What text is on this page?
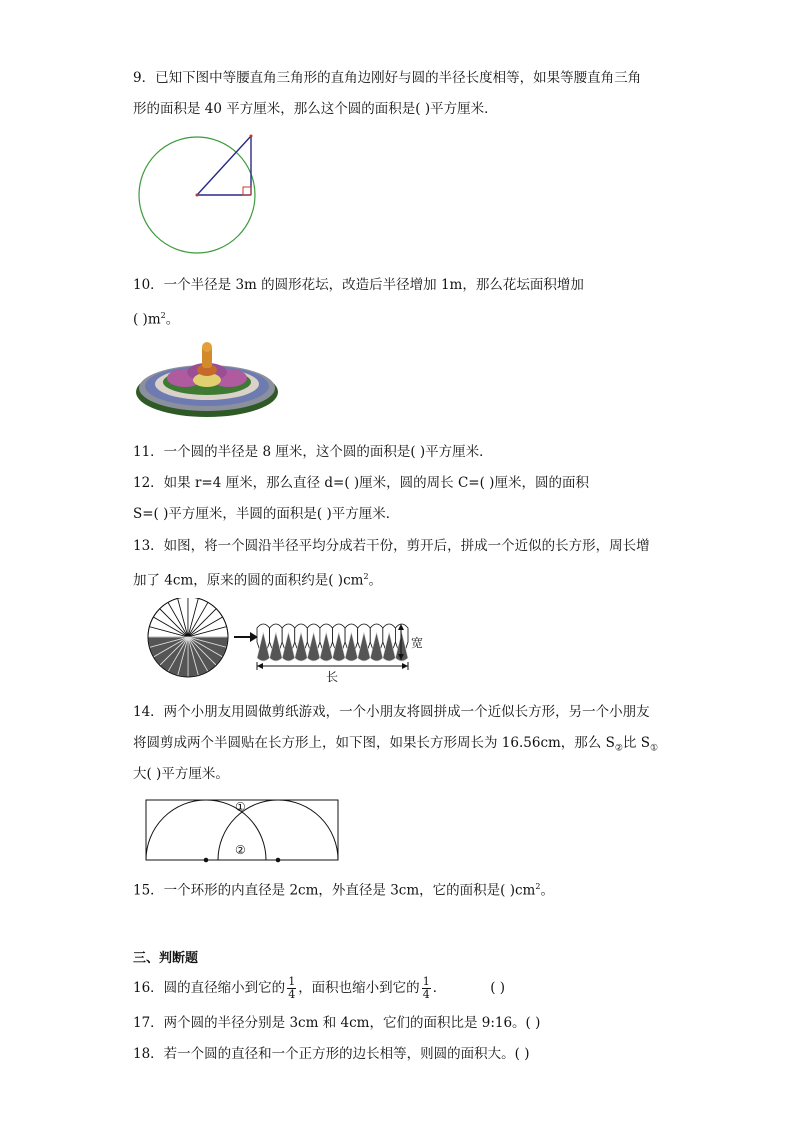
9．已知下图中等腰直角三角形的直角边刚好与圆的半径长度相等，如果等腰直角三角
形的面积是 40 平方厘米，那么这个圆的面积是( )平方厘米．
10．一个半径是 3m 的圆形花坛，改造后半径增加 1m，那么花坛面积增加
( )$m^2$。
11．一个圆的半径是 8 厘米，这个圆的面积是( )平方厘米．
12．如果 r=4 厘米，那么直径 d=( )厘米，圆的周长 C=( )厘米，圆的面积
S=( )平方厘米，半圆的面积是( )平方厘米．
13．如图，将一个圆沿半径平均分成若干份，剪开后，拼成一个近似的长方形，周长增
加了 4cm，原来的圆的面积约是( )$cm^2$。
宽
长
14．两个小朋友用圆做剪纸游戏，一个小朋友将圆拼成一个近似长方形，另一个小朋友
将圆剪成两个半圆贴在长方形上，如下图，如果长方形周长为 16.56cm，那么 $S_②$比 $S_①$
大( )平方厘米。
①
②
15．一个环形的内直径是 2cm，外直径是 3cm，它的面积是( )$cm^2$。
三、判断题
16．圆的直径缩小到它的 $\frac{1}{4}$ ，面积也缩小到它的 $\frac{1}{4}$ ．	( )
17．两个圆的半径分别是 3cm 和 4cm，它们的面积比是 9:16。( )
18．若一个圆的直径和一个正方形的边长相等，则圆的面积大。( )
